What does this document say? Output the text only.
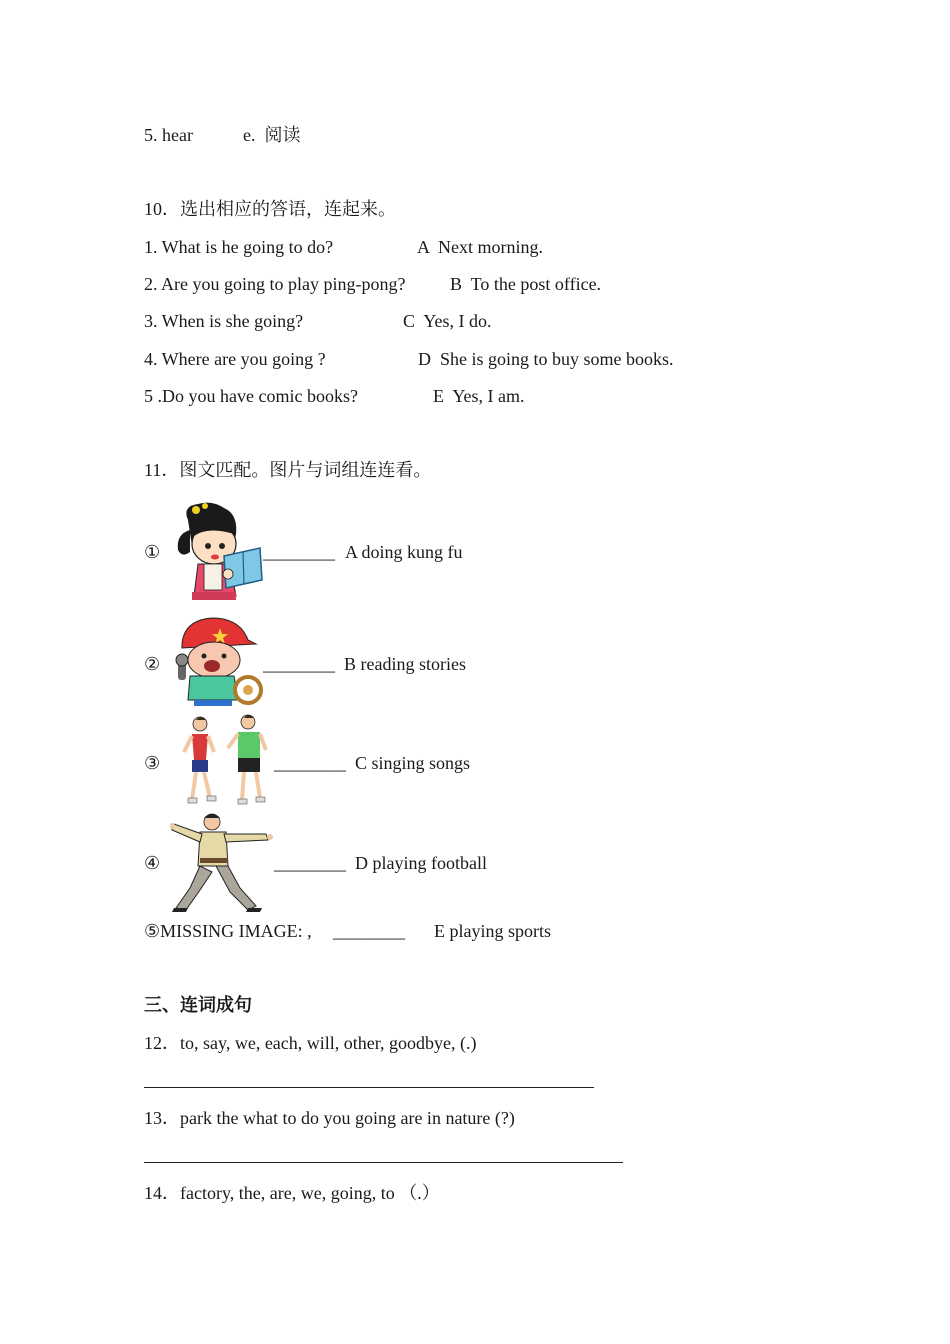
5. hear	e.  阅读
10．选出相应的答语，连起来。
1. What is he going to do?	A  Next morning.
2. Are you going to play ping-pong? B  To the post office.
3. When is she going?	C  Yes, I do.
4. Where are you going ?	D  She is going to buy some books.
5 .Do you have comic books?	E  Yes, I am.
11．图文匹配。图片与词组连连看。
①	________ A doing kung fu
②	________ B reading stories
③	________ C singing songs
④	________ D playing football
⑤MISSING IMAGE: , ________ E playing sports
三、连词成句
12．to, say, we, each, will, other, goodbye, (.)
13．park the what to do you going are in nature (?)
14．factory, the, are, we, going, to （.）
